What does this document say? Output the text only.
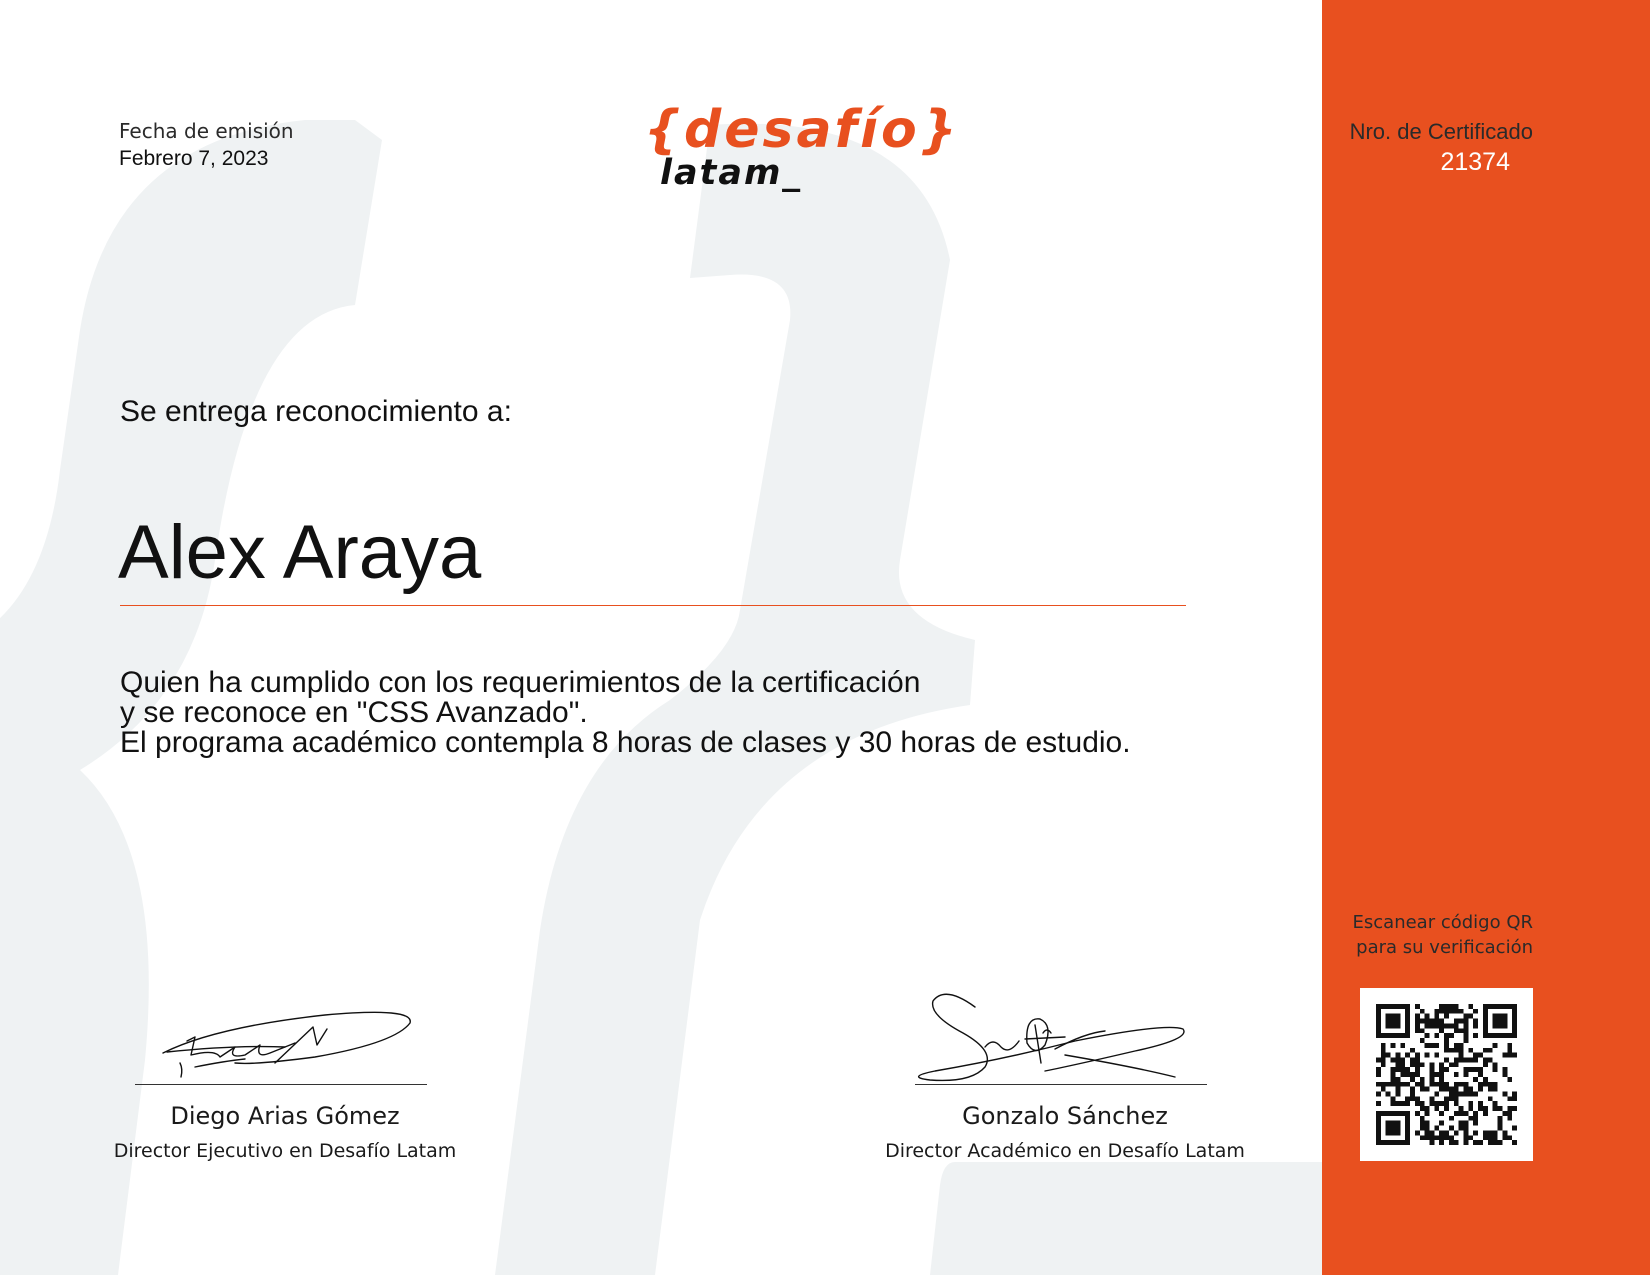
Fecha de emisión
Febrero 7, 2023	{desafío}
latam_
Nro. de Certificado
21374
Se entrega reconocimiento a:
Alex Araya
Quien ha cumplido con los requerimientos de la certificación
y se reconoce en "CSS Avanzado".
El programa académico contempla 8 horas de clases y 30 horas de estudio.
Diego Arias Gómez
Director Ejecutivo en Desafío Latam
Gonzalo Sánchez
Director Académico en Desafío Latam
Escanear código QR
para su verificación
